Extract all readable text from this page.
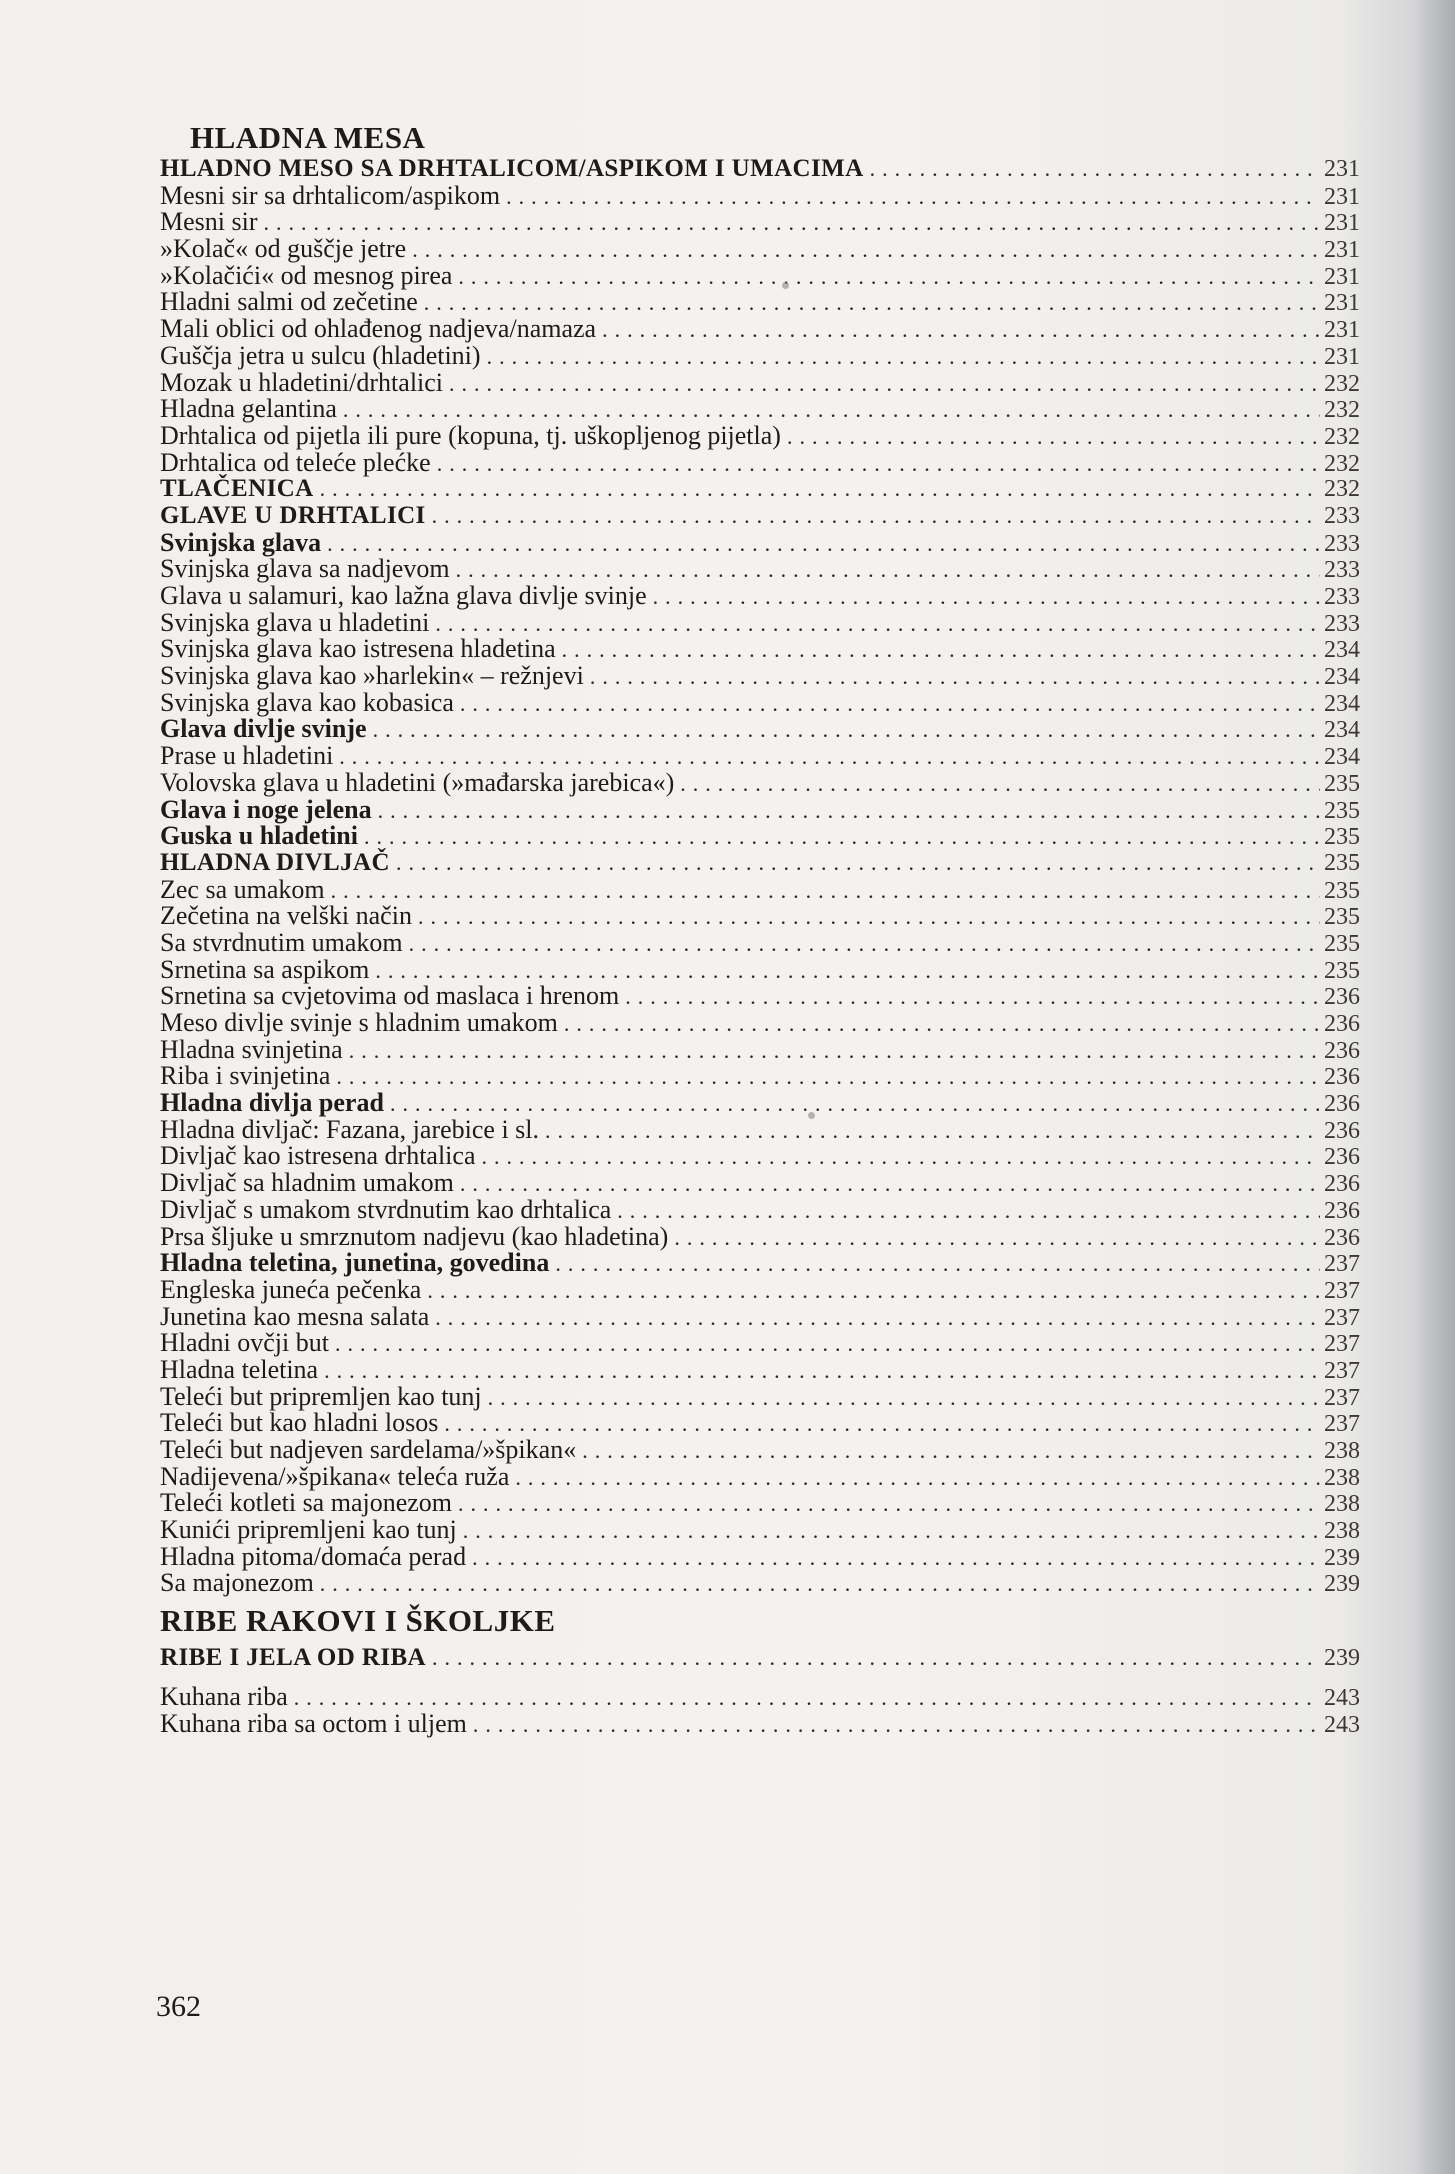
HLADNA MESA
HLADNO MESO SA DRHTALICOM/ASPIKOM I UMACIMA .....	231
Mesni sir sa drhtalicom/aspikom .....	231
Mesni sir .....	231
»Kolač« od guščje jetre .....	231
»Kolačići« od mesnog pirea .....	231
Hladni salmi od zečetine .....	231
Mali oblici od ohlađenog nadjeva/namaza .....	231
Guščja jetra u sulcu (hladetini) .....	231
Mozak u hladetini/drhtalici .....	232
Hladna gelantina .....	232
Drhtalica od pijetla ili pure (kopuna, tj. uškopljenog pijetla) .....	232
Drhtalica od teleće plećke .....	232
TLAČENICA .....	232
GLAVE U DRHTALICI .....	233
Svinjska glava .....	233
Svinjska glava sa nadjevom .....	233
Glava u salamuri, kao lažna glava divlje svinje .....	233
Svinjska glava u hladetini .....	233
Svinjska glava kao istresena hladetina .....	234
Svinjska glava kao »harlekin« – režnjevi .....	234
Svinjska glava kao kobasica .....	234
Glava divlje svinje .....	234
Prase u hladetini .....	234
Volovska glava u hladetini (»mađarska jarebica«) .....	235
Glava i noge jelena .....	235
Guska u hladetini .....	235
HLADNA DIVLJAČ .....	235
Zec sa umakom .....	235
Zečetina na velški način .....	235
Sa stvrdnutim umakom .....	235
Srnetina sa aspikom .....	235
Srnetina sa cvjetovima od maslaca i hrenom .....	236
Meso divlje svinje s hladnim umakom .....	236
Hladna svinjetina .....	236
Riba i svinjetina .....	236
Hladna divlja perad .....	236
Hladna divljač: Fazana, jarebice i sl. .....	236
Divljač kao istresena drhtalica .....	236
Divljač sa hladnim umakom .....	236
Divljač s umakom stvrdnutim kao drhtalica .....	236
Prsa šljuke u smrznutom nadjevu (kao hladetina) .....	236
Hladna teletina, junetina, govedina .....	237
Engleska juneća pečenka .....	237
Junetina kao mesna salata .....	237
Hladni ovčji but .....	237
Hladna teletina .....	237
Teleći but pripremljen kao tunj .....	237
Teleći but kao hladni losos .....	237
Teleći but nadjeven sardelama/»špikan« .....	238
Nadijevena/»špikana« teleća ruža .....	238
Teleći kotleti sa majonezom .....	238
Kunići pripremljeni kao tunj .....	238
Hladna pitoma/domaća perad .....	239
Sa majonezom .....	239
RIBE RAKOVI I ŠKOLJKE
RIBE I JELA OD RIBA .....	239
Kuhana riba .....	243
Kuhana riba sa octom i uljem .....	243
362
